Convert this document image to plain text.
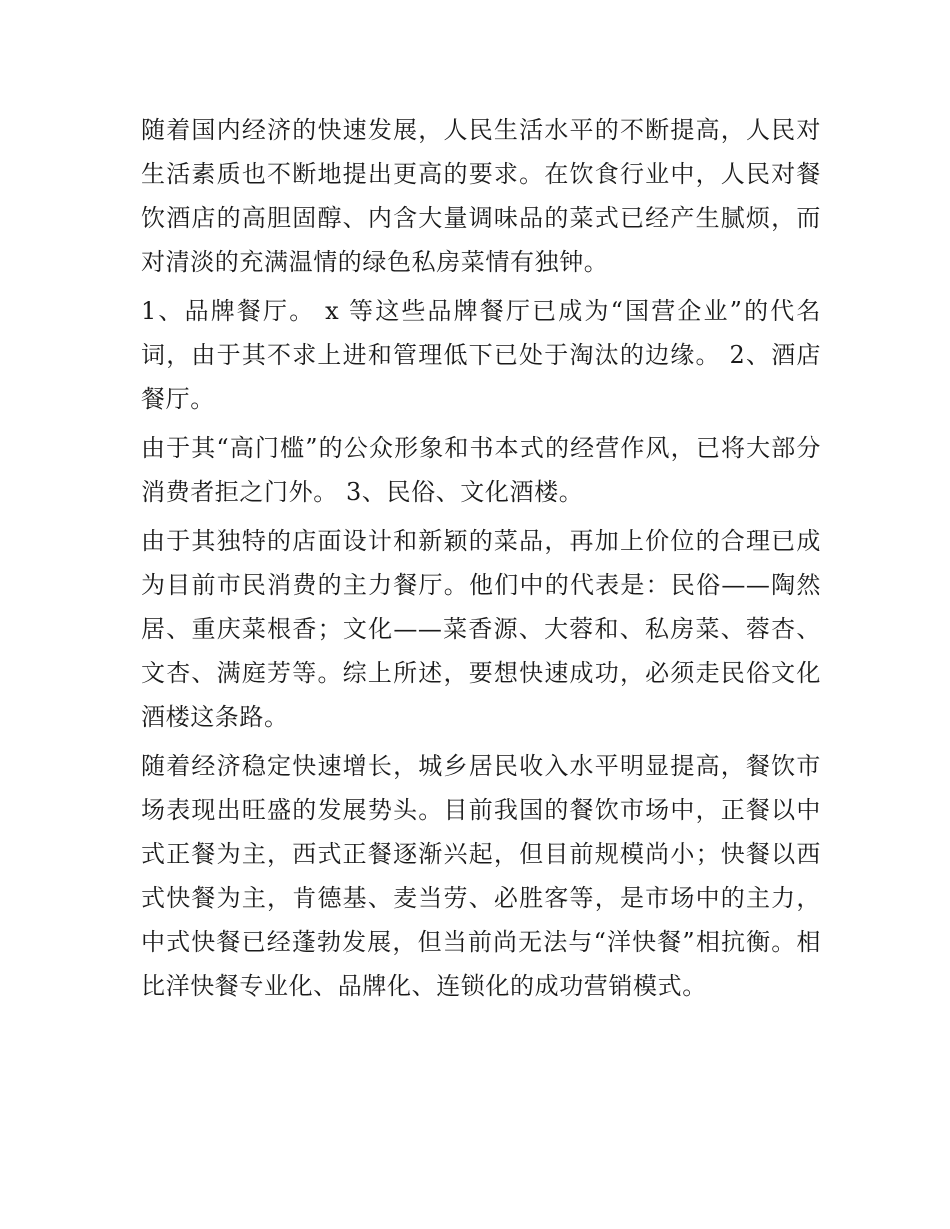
随着国内经济的快速发展，人民生活水平的不断提高，人民对生活素质也不断地提出更高的要求。在饮食行业中，人民对餐饮酒店的高胆固醇、内含大量调味品的菜式已经产生腻烦，而对清淡的充满温情的绿色私房菜情有独钟。

1、品牌餐厅。 x 等这些品牌餐厅已成为“国营企业”的代名词，由于其不求上进和管理低下已处于淘汰的边缘。 2、酒店餐厅。

由于其“高门槛”的公众形象和书本式的经营作风，已将大部分消费者拒之门外。 3、民俗、文化酒楼。

由于其独特的店面设计和新颖的菜品，再加上价位的合理已成为目前市民消费的主力餐厅。他们中的代表是：民俗——陶然居、重庆菜根香；文化——菜香源、大蓉和、私房菜、蓉杏、文杏、满庭芳等。综上所述，要想快速成功，必须走民俗文化酒楼这条路。

随着经济稳定快速增长，城乡居民收入水平明显提高，餐饮市场表现出旺盛的发展势头。目前我国的餐饮市场中，正餐以中式正餐为主，西式正餐逐渐兴起，但目前规模尚小；快餐以西式快餐为主，肯德基、麦当劳、必胜客等，是市场中的主力，中式快餐已经蓬勃发展，但当前尚无法与“洋快餐”相抗衡。相比洋快餐专业化、品牌化、连锁化的成功营销模式。
